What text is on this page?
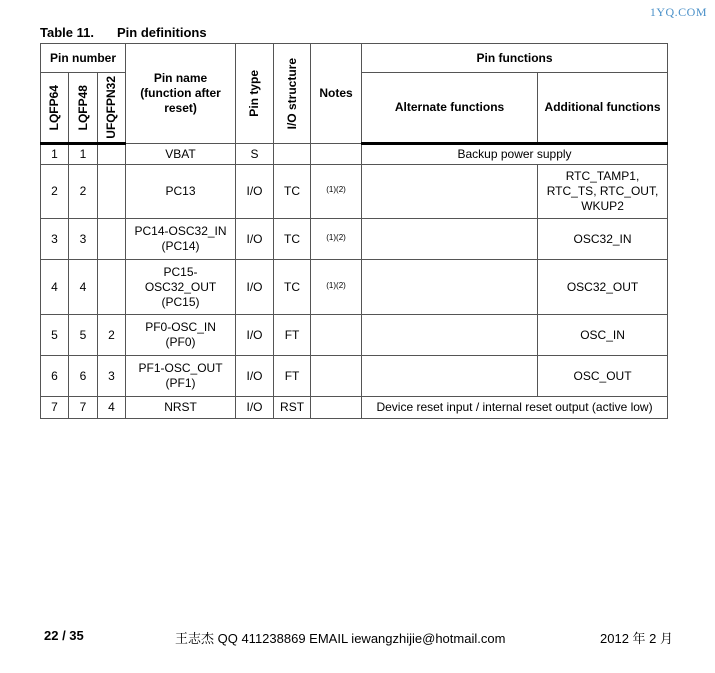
1YQ.COM
Table 11. Pin definitions
Pin number			Pin name (function after reset)	Pin type	I/O structure	Notes	Pin functions	

LQFP64	LQFP48	UFQFPN32					Alternate functions	Additional functions
1	1		VBAT	S			Backup power supply	
2	2		PC13	I/O	TC	(1)(2)		RTC_TAMP1, RTC_TS, RTC_OUT, WKUP2
3	3		PC14-OSC32_IN (PC14)	I/O	TC	(1)(2)		OSC32_IN
4	4		PC15-OSC32_OUT (PC15)	I/O	TC	(1)(2)		OSC32_OUT
5	5	2	PF0-OSC_IN (PF0)	I/O	FT			OSC_IN
6	6	3	PF1-OSC_OUT (PF1)	I/O	FT			OSC_OUT
7	7	4	NRST	I/O	RST		Device reset input / internal reset output (active low)	
22 / 35	王志杰 QQ 411238869 EMAIL iewangzhijie@hotmail.com	2012 年 2 月
